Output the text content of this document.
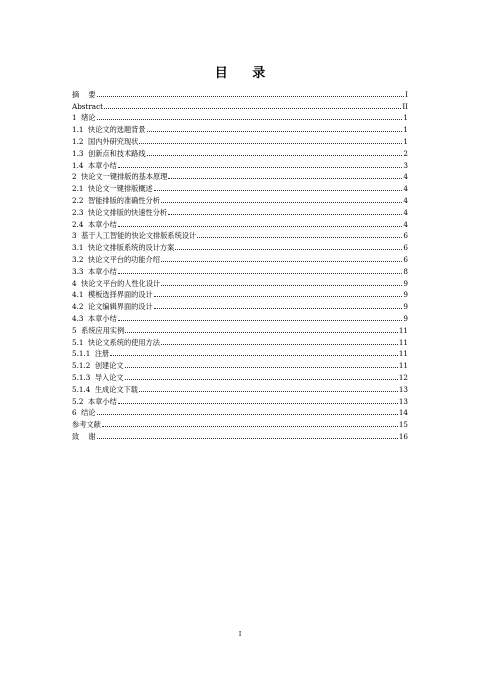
目 录
摘    要	I
Abstract	II
1  绪论	1
1.1  快论文的选题背景	1
1.2  国内外研究现状	1
1.3  创新点和技术路线	2
1.4  本章小结	3
2  快论文一键排版的基本原理	4
2.1  快论文一键排版概述	4
2.2  智能排版的准确性分析	4
2.3  快论文排版的快速性分析	4
2.4  本章小结	4
3  基于人工智能的快论文排版系统设计	6
3.1  快论文排版系统的设计方案	6
3.2  快论文平台的功能介绍	6
3.3  本章小结	8
4  快论文平台的人性化设计	9
4.1  模板选择界面的设计	9
4.2  论文编辑界面的设计	9
4.3  本章小结	9
5  系统应用实例	11
5.1  快论文系统的使用方法	11
5.1.1  注册	11
5.1.2  创建论文	11
5.1.3  导入论文	12
5.1.4  生成论文下载	13
5.2  本章小结	13
6  结论	14
参考文献	15
致    谢	16
I
